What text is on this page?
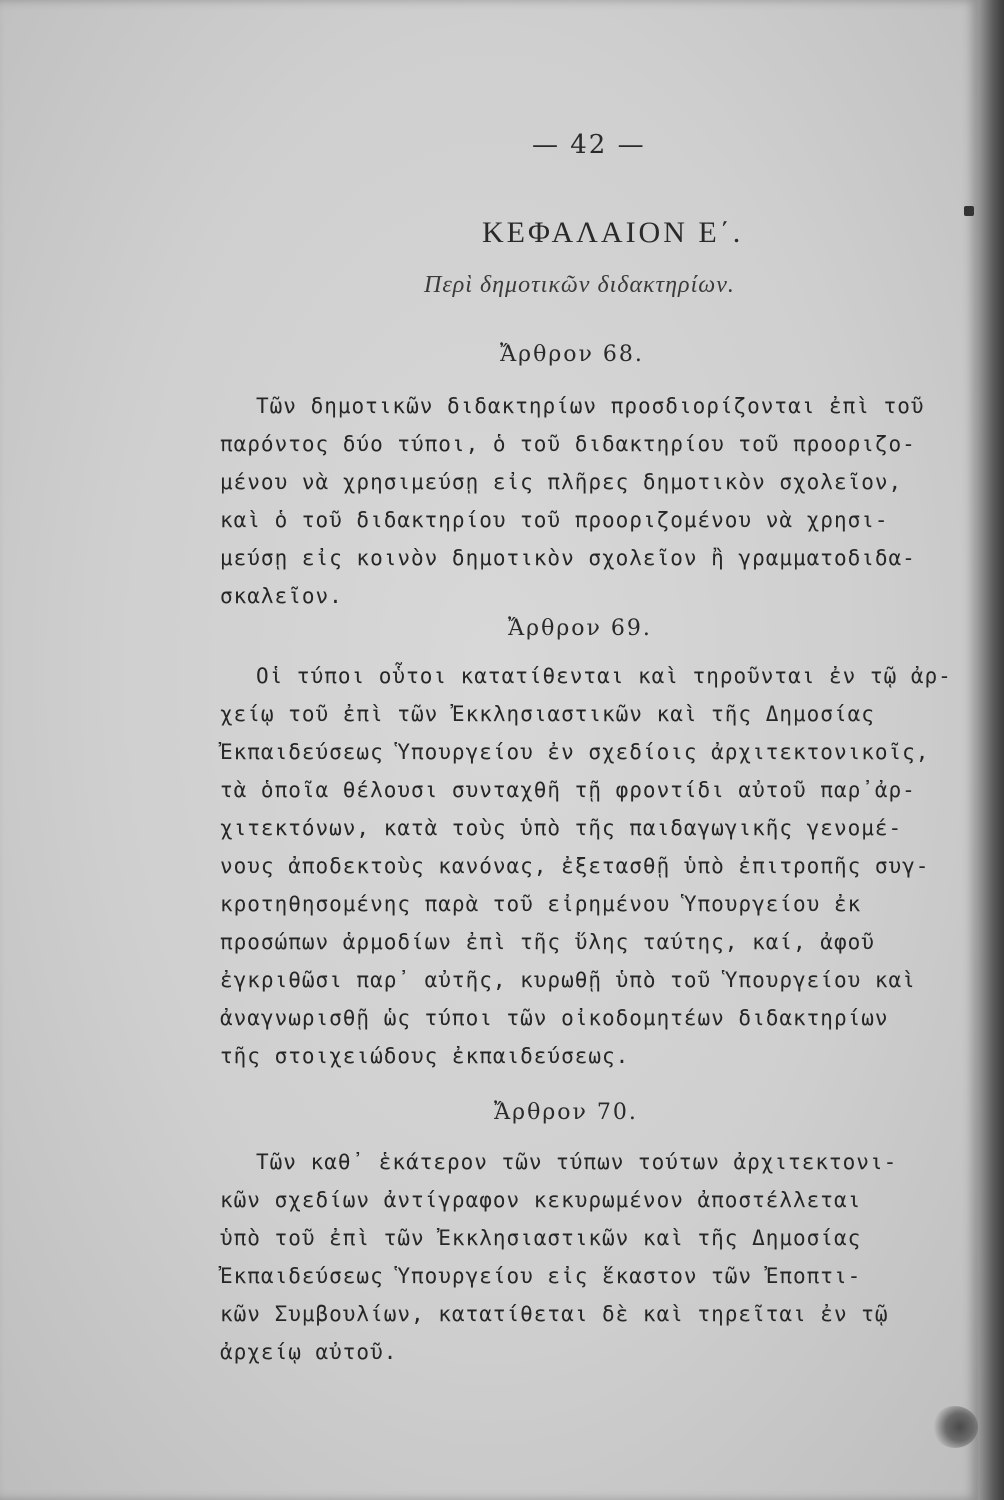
— 42 —
ΚΕΦΑΛΑΙΟΝ Ε΄.
Περὶ δημοτικῶν διδακτηρίων.
Ἄρθρον 68.
Τῶν δημοτικῶν διδακτηρίων προσδιορίζονται ἐπὶ τοῦ
παρόντος δύο τύποι, ὁ τοῦ διδακτηρίου τοῦ προοριζο-
μένου νὰ χρησιμεύσῃ εἰς πλῆρες δημοτικὸν σχολεῖον,
καὶ ὁ τοῦ διδακτηρίου τοῦ προοριζομένου νὰ χρησι-
μεύσῃ εἰς κοινὸν δημοτικὸν σχολεῖον ἢ γραμματοδιδα-
σκαλεῖον.
Ἄρθρον 69.
Οἱ τύποι οὗτοι κατατίθενται καὶ τηροῦνται ἐν τῷ ἀρ-
χείῳ τοῦ ἐπὶ τῶν Ἐκκλησιαστικῶν καὶ τῆς Δημοσίας
Ἐκπαιδεύσεως Ὑπουργείου ἐν σχεδίοις ἀρχιτεκτονικοῖς,
τὰ ὁποῖα θέλουσι συνταχθῆ τῇ φροντίδι αὐτοῦ παρ᾽ἀρ-
χιτεκτόνων, κατὰ τοὺς ὑπὸ τῆς παιδαγωγικῆς γενομέ-
νους ἀποδεκτοὺς κανόνας, ἐξετασθῇ ὑπὸ ἐπιτροπῆς συγ-
κροτηθησομένης παρὰ τοῦ εἰρημένου Ὑπουργείου ἐκ
προσώπων ἁρμοδίων ἐπὶ τῆς ὕλης ταύτης, καί, ἀφοῦ
ἐγκριθῶσι παρ᾽ αὐτῆς, κυρωθῇ ὑπὸ τοῦ Ὑπουργείου καὶ
ἀναγνωρισθῇ ὡς τύποι τῶν οἰκοδομητέων διδακτηρίων
τῆς στοιχειώδους ἐκπαιδεύσεως.
Ἄρθρον 70.
Τῶν καθ᾽ ἑκάτερον τῶν τύπων τούτων ἀρχιτεκτονι-
κῶν σχεδίων ἀντίγραφον κεκυρωμένον ἀποστέλλεται
ὑπὸ τοῦ ἐπὶ τῶν Ἐκκλησιαστικῶν καὶ τῆς Δημοσίας
Ἐκπαιδεύσεως Ὑπουργείου εἰς ἕκαστον τῶν Ἐποπτι-
κῶν Συμβουλίων, κατατίθεται δὲ καὶ τηρεῖται ἐν τῷ
ἀρχείῳ αὐτοῦ.
